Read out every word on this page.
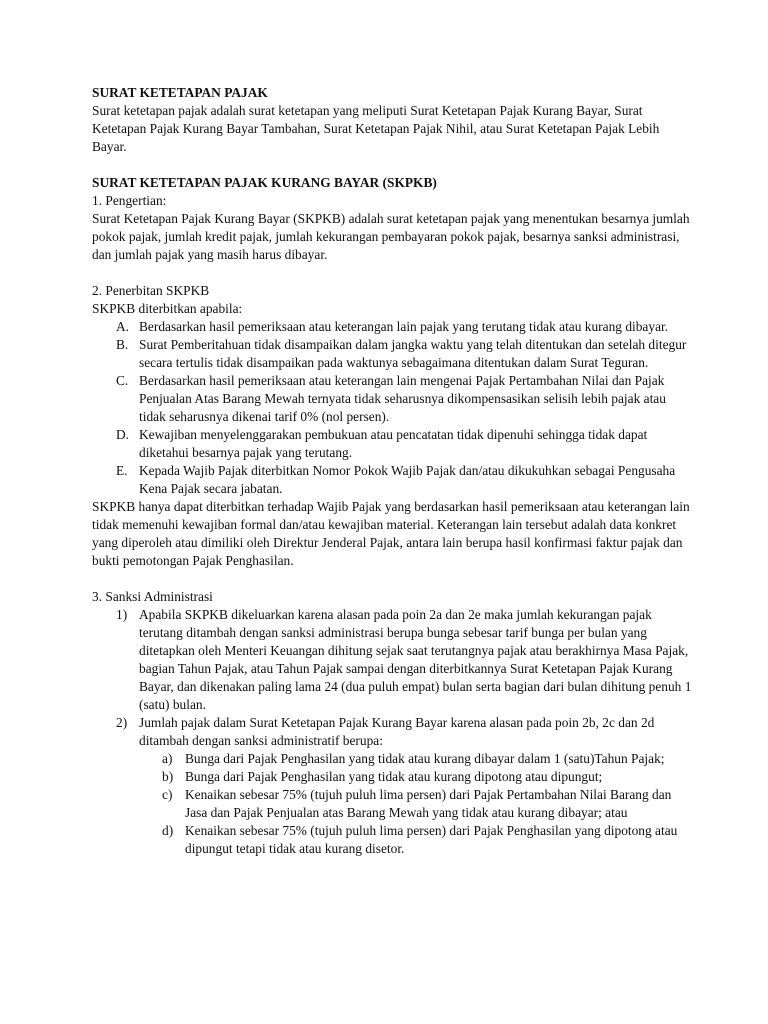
SURAT KETETAPAN PAJAK

Surat ketetapan pajak adalah surat ketetapan yang meliputi Surat Ketetapan Pajak Kurang Bayar, Surat Ketetapan Pajak Kurang Bayar Tambahan, Surat Ketetapan Pajak Nihil, atau Surat Ketetapan Pajak Lebih Bayar.

SURAT KETETAPAN PAJAK KURANG BAYAR (SKPKB)
1. Pengertian:

Surat Ketetapan Pajak Kurang Bayar (SKPKB) adalah surat ketetapan pajak yang menentukan besarnya jumlah pokok pajak, jumlah kredit pajak, jumlah kekurangan pembayaran pokok pajak, besarnya sanksi administrasi, dan jumlah pajak yang masih harus dibayar.

2. Penerbitan SKPKB
SKPKB diterbitkan apabila:
A. Berdasarkan hasil pemeriksaan atau keterangan lain pajak yang terutang tidak atau kurang dibayar.
B. Surat Pemberitahuan tidak disampaikan dalam jangka waktu yang telah ditentukan dan setelah ditegur secara tertulis tidak disampaikan pada waktunya sebagaimana ditentukan dalam Surat Teguran.
C. Berdasarkan hasil pemeriksaan atau keterangan lain mengenai Pajak Pertambahan Nilai dan Pajak Penjualan Atas Barang Mewah ternyata tidak seharusnya dikompensasikan selisih lebih pajak atau tidak seharusnya dikenai tarif 0% (nol persen).
D. Kewajiban menyelenggarakan pembukuan atau pencatatan tidak dipenuhi sehingga tidak dapat diketahui besarnya pajak yang terutang.
E. Kepada Wajib Pajak diterbitkan Nomor Pokok Wajib Pajak dan/atau dikukuhkan sebagai Pengusaha Kena Pajak secara jabatan.

SKPKB hanya dapat diterbitkan terhadap Wajib Pajak yang berdasarkan hasil pemeriksaan atau keterangan lain tidak memenuhi kewajiban formal dan/atau kewajiban material. Keterangan lain tersebut adalah data konkret yang diperoleh atau dimiliki oleh Direktur Jenderal Pajak, antara lain berupa hasil konfirmasi faktur pajak dan bukti pemotongan Pajak Penghasilan.

3. Sanksi Administrasi
1) Apabila SKPKB dikeluarkan karena alasan pada poin 2a dan 2e maka jumlah kekurangan pajak terutang ditambah dengan sanksi administrasi berupa bunga sebesar tarif bunga per bulan yang ditetapkan oleh Menteri Keuangan dihitung sejak saat terutangnya pajak atau berakhirnya Masa Pajak, bagian Tahun Pajak, atau Tahun Pajak sampai dengan diterbitkannya Surat Ketetapan Pajak Kurang Bayar, dan dikenakan paling lama 24 (dua puluh empat) bulan serta bagian dari bulan dihitung penuh 1 (satu) bulan.
2) Jumlah pajak dalam Surat Ketetapan Pajak Kurang Bayar karena alasan pada poin 2b, 2c dan 2d ditambah dengan sanksi administratif berupa:
a) Bunga dari Pajak Penghasilan yang tidak atau kurang dibayar dalam 1 (satu)Tahun Pajak;
b) Bunga dari Pajak Penghasilan yang tidak atau kurang dipotong atau dipungut;
c) Kenaikan sebesar 75% (tujuh puluh lima persen) dari Pajak Pertambahan Nilai Barang dan Jasa dan Pajak Penjualan atas Barang Mewah yang tidak atau kurang dibayar; atau
d) Kenaikan sebesar 75% (tujuh puluh lima persen) dari Pajak Penghasilan yang dipotong atau dipungut tetapi tidak atau kurang disetor.
